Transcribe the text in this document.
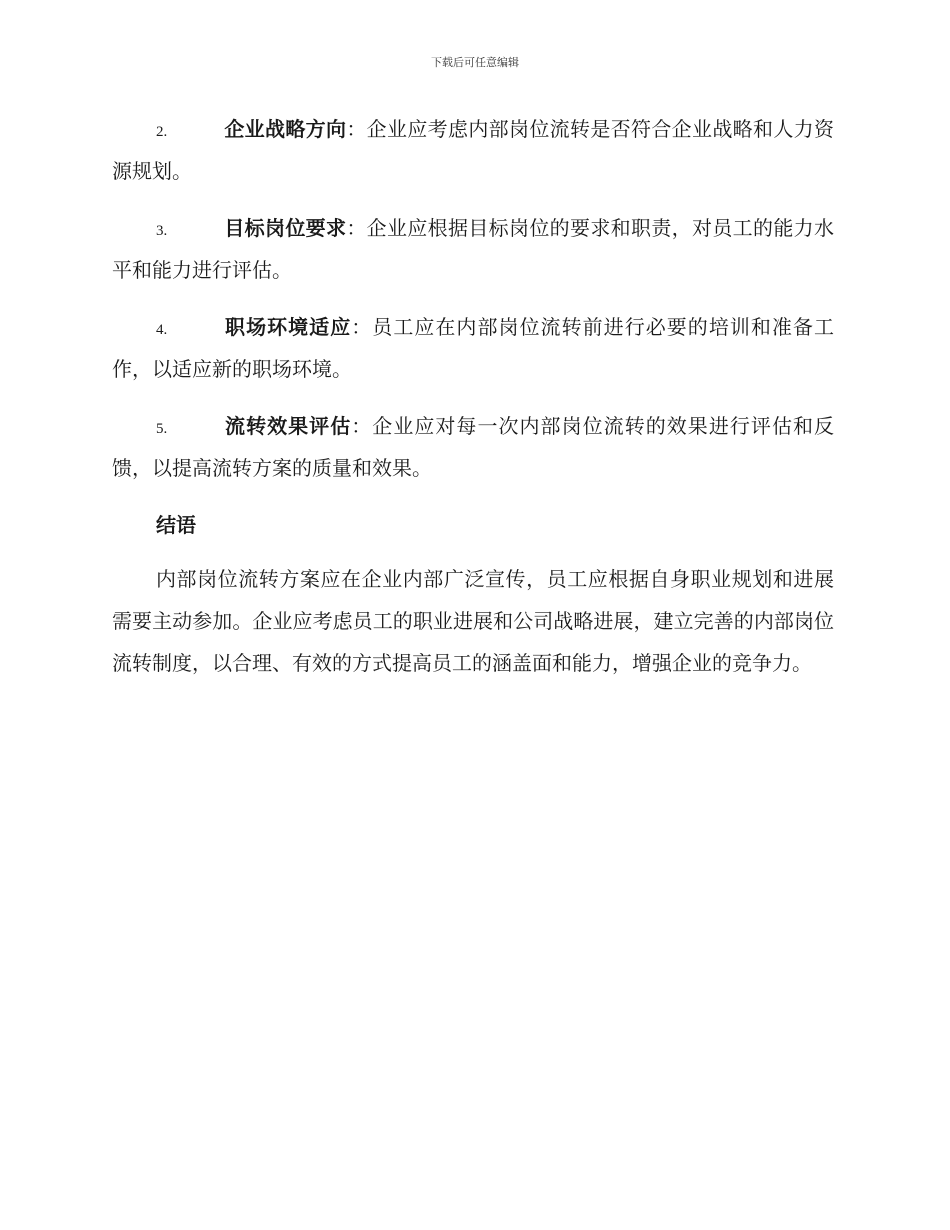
下载后可任意编辑

2.	企业战略方向：企业应考虑内部岗位流转是否符合企业战略和人力资源规划。

3.	目标岗位要求：企业应根据目标岗位的要求和职责，对员工的能力水平和能力进行评估。

4.	职场环境适应：员工应在内部岗位流转前进行必要的培训和准备工作，以适应新的职场环境。

5.	流转效果评估：企业应对每一次内部岗位流转的效果进行评估和反馈，以提高流转方案的质量和效果。

结语

内部岗位流转方案应在企业内部广泛宣传，员工应根据自身职业规划和进展需要主动参加。企业应考虑员工的职业进展和公司战略进展，建立完善的内部岗位流转制度，以合理、有效的方式提高员工的涵盖面和能力，增强企业的竞争力。
